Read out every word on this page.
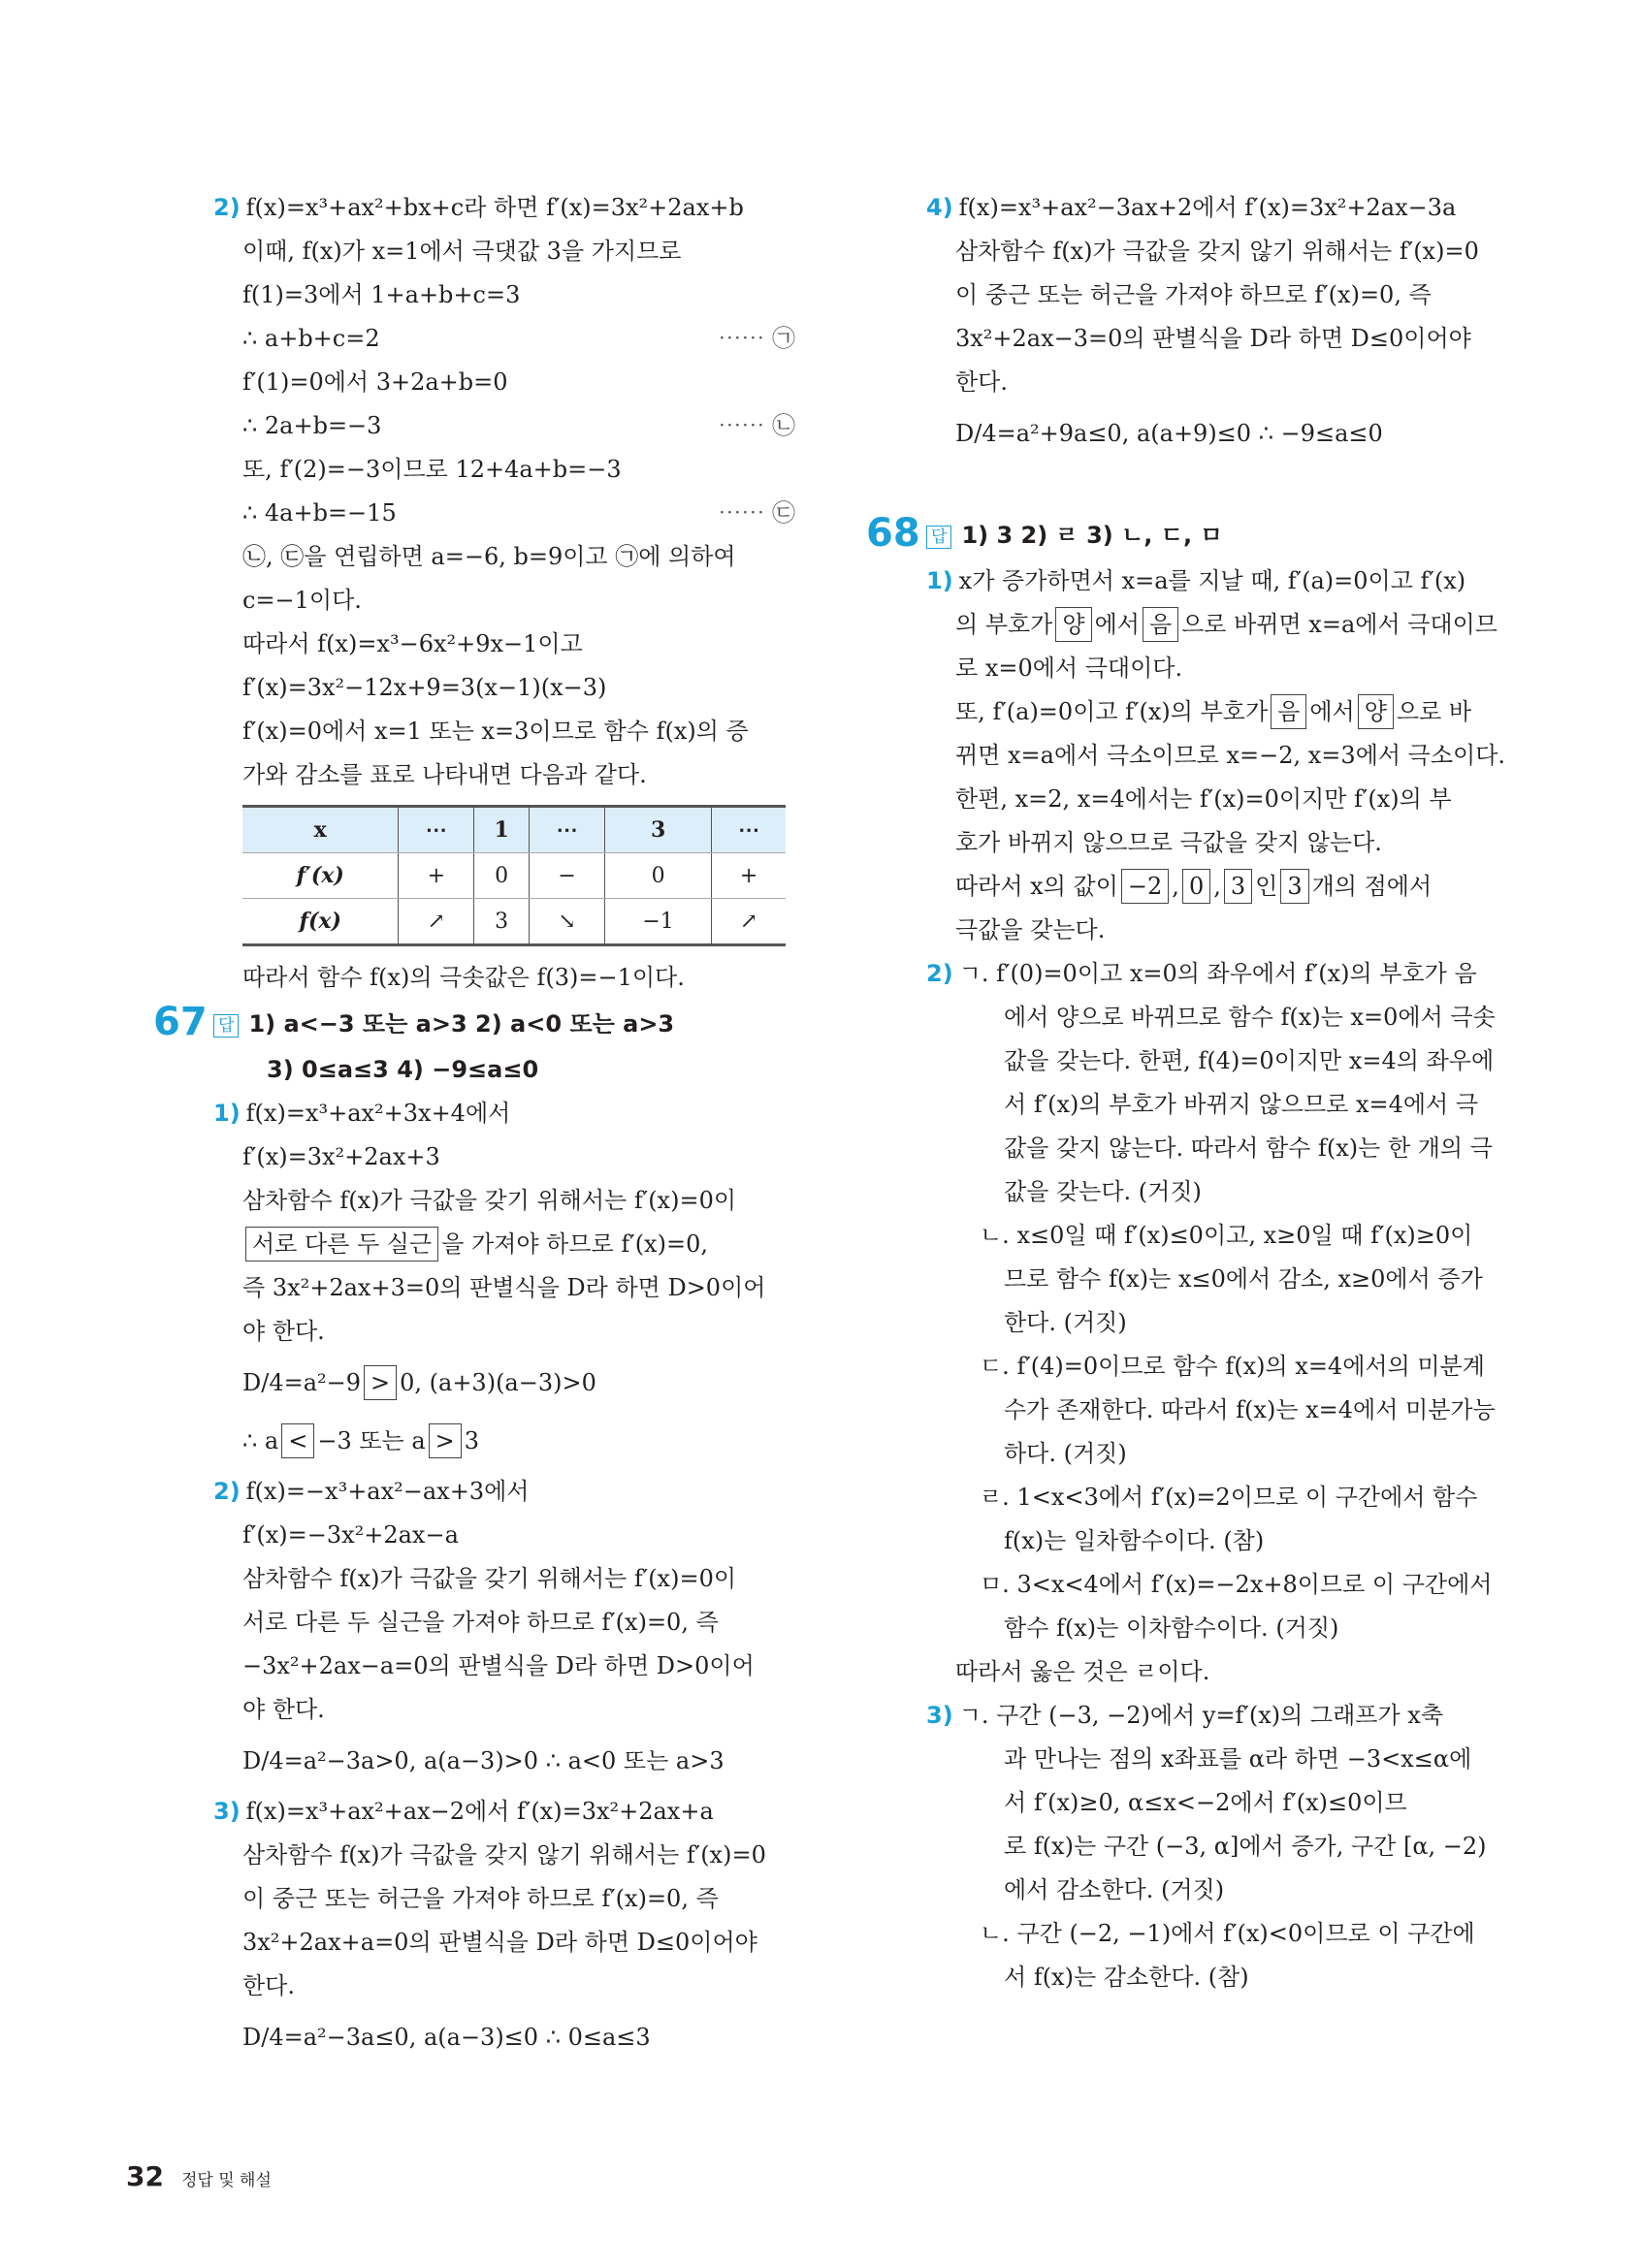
2) f(x)=x³+ax²+bx+c라 하면 f′(x)=3x²+2ax+b
이때, f(x)가 x=1에서 극댓값 3을 가지므로
f(1)=3에서 1+a+b+c=3
∴ a+b+c=2	⋯⋯ ㉠
f′(1)=0에서 3+2a+b=0
∴ 2a+b=−3	⋯⋯ ㉡
또, f′(2)=−3이므로 12+4a+b=−3
∴ 4a+b=−15	⋯⋯ ㉢
㉡, ㉢을 연립하면 a=−6, b=9이고 ㉠에 의하여
c=−1이다.
따라서 f(x)=x³−6x²+9x−1이고
f′(x)=3x²−12x+9=3(x−1)(x−3)
f′(x)=0에서 x=1 또는 x=3이므로 함수 f(x)의 증
가와 감소를 표로 나타내면 다음과 같다.
x	⋯	1	⋯	3	⋯
f′(x)	+	0	−	0	+
f(x)	↗	3	↘	−1	↗
따라서 함수 f(x)의 극솟값은 f(3)=−1이다.
67 답 1) a<−3 또는 a>3 2) a<0 또는 a>3
3) 0≤a≤3 4) −9≤a≤0
1) f(x)=x³+ax²+3x+4에서
f′(x)=3x²+2ax+3
삼차함수 f(x)가 극값을 갖기 위해서는 f′(x)=0이
서로 다른 두 실근 을 가져야 하므로 f′(x)=0,
즉 3x²+2ax+3=0의 판별식을 D라 하면 D>0이어
야 한다.
D/4=a²−9 > 0, (a+3)(a−3)>0
∴ a < −3 또는 a > 3
2) f(x)=−x³+ax²−ax+3에서
f′(x)=−3x²+2ax−a
삼차함수 f(x)가 극값을 갖기 위해서는 f′(x)=0이
서로 다른 두 실근을 가져야 하므로 f′(x)=0, 즉
−3x²+2ax−a=0의 판별식을 D라 하면 D>0이어
야 한다.
D/4=a²−3a>0, a(a−3)>0 ∴ a<0 또는 a>3
3) f(x)=x³+ax²+ax−2에서 f′(x)=3x²+2ax+a
삼차함수 f(x)가 극값을 갖지 않기 위해서는 f′(x)=0
이 중근 또는 허근을 가져야 하므로 f′(x)=0, 즉
3x²+2ax+a=0의 판별식을 D라 하면 D≤0이어야
한다.
D/4=a²−3a≤0, a(a−3)≤0 ∴ 0≤a≤3
4) f(x)=x³+ax²−3ax+2에서 f′(x)=3x²+2ax−3a
삼차함수 f(x)가 극값을 갖지 않기 위해서는 f′(x)=0
이 중근 또는 허근을 가져야 하므로 f′(x)=0, 즉
3x²+2ax−3=0의 판별식을 D라 하면 D≤0이어야
한다.
D/4=a²+9a≤0, a(a+9)≤0 ∴ −9≤a≤0
68 답 1) 3 2) ㄹ 3) ㄴ, ㄷ, ㅁ
1) x가 증가하면서 x=a를 지날 때, f′(a)=0이고 f′(x)
의 부호가 양 에서 음 으로 바뀌면 x=a에서 극대이므
로 x=0에서 극대이다.
또, f′(a)=0이고 f′(x)의 부호가 음 에서 양 으로 바
뀌면 x=a에서 극소이므로 x=−2, x=3에서 극소이다.
한편, x=2, x=4에서는 f′(x)=0이지만 f′(x)의 부
호가 바뀌지 않으므로 극값을 갖지 않는다.
따라서 x의 값이 −2 , 0 , 3 인 3 개의 점에서
극값을 갖는다.
2) ㄱ. f′(0)=0이고 x=0의 좌우에서 f′(x)의 부호가 음
에서 양으로 바뀌므로 함수 f(x)는 x=0에서 극솟
값을 갖는다. 한편, f(4)=0이지만 x=4의 좌우에
서 f′(x)의 부호가 바뀌지 않으므로 x=4에서 극
값을 갖지 않는다. 따라서 함수 f(x)는 한 개의 극
값을 갖는다. (거짓)
ㄴ. x≤0일 때 f′(x)≤0이고, x≥0일 때 f′(x)≥0이
므로 함수 f(x)는 x≤0에서 감소, x≥0에서 증가
한다. (거짓)
ㄷ. f′(4)=0이므로 함수 f(x)의 x=4에서의 미분계
수가 존재한다. 따라서 f(x)는 x=4에서 미분가능
하다. (거짓)
ㄹ. 1<x<3에서 f′(x)=2이므로 이 구간에서 함수
f(x)는 일차함수이다. (참)
ㅁ. 3<x<4에서 f′(x)=−2x+8이므로 이 구간에서
함수 f(x)는 이차함수이다. (거짓)
따라서 옳은 것은 ㄹ이다.
3) ㄱ. 구간 (−3, −2)에서 y=f′(x)의 그래프가 x축
과 만나는 점의 x좌표를 α라 하면 −3<x≤α에
서 f′(x)≥0, α≤x<−2에서 f′(x)≤0이므
로 f(x)는 구간 (−3, α]에서 증가, 구간 [α, −2)
에서 감소한다. (거짓)
ㄴ. 구간 (−2, −1)에서 f′(x)<0이므로 이 구간에
서 f(x)는 감소한다. (참)
32 정답 및 해설
